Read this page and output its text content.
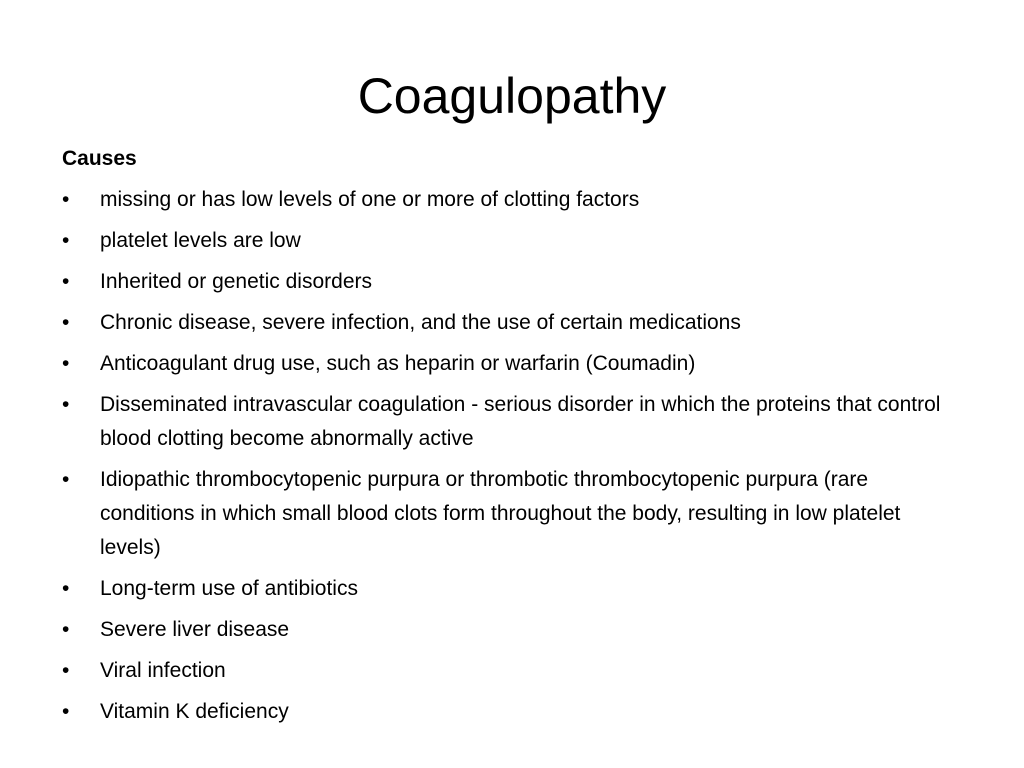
Coagulopathy
Causes
•	missing or has low levels of one or more of clotting factors
•	platelet levels are low
•	Inherited or genetic disorders
•	Chronic disease, severe infection, and the use of certain medications
•	Anticoagulant drug use, such as heparin or warfarin (Coumadin)
•	Disseminated intravascular coagulation - serious disorder in which the proteins that control blood clotting become abnormally active
•	Idiopathic thrombocytopenic purpura or thrombotic thrombocytopenic purpura (rare conditions in which small blood clots form throughout the body, resulting in low platelet levels)
•	Long-term use of antibiotics
•	Severe liver disease
•	Viral infection
•	Vitamin K deficiency
